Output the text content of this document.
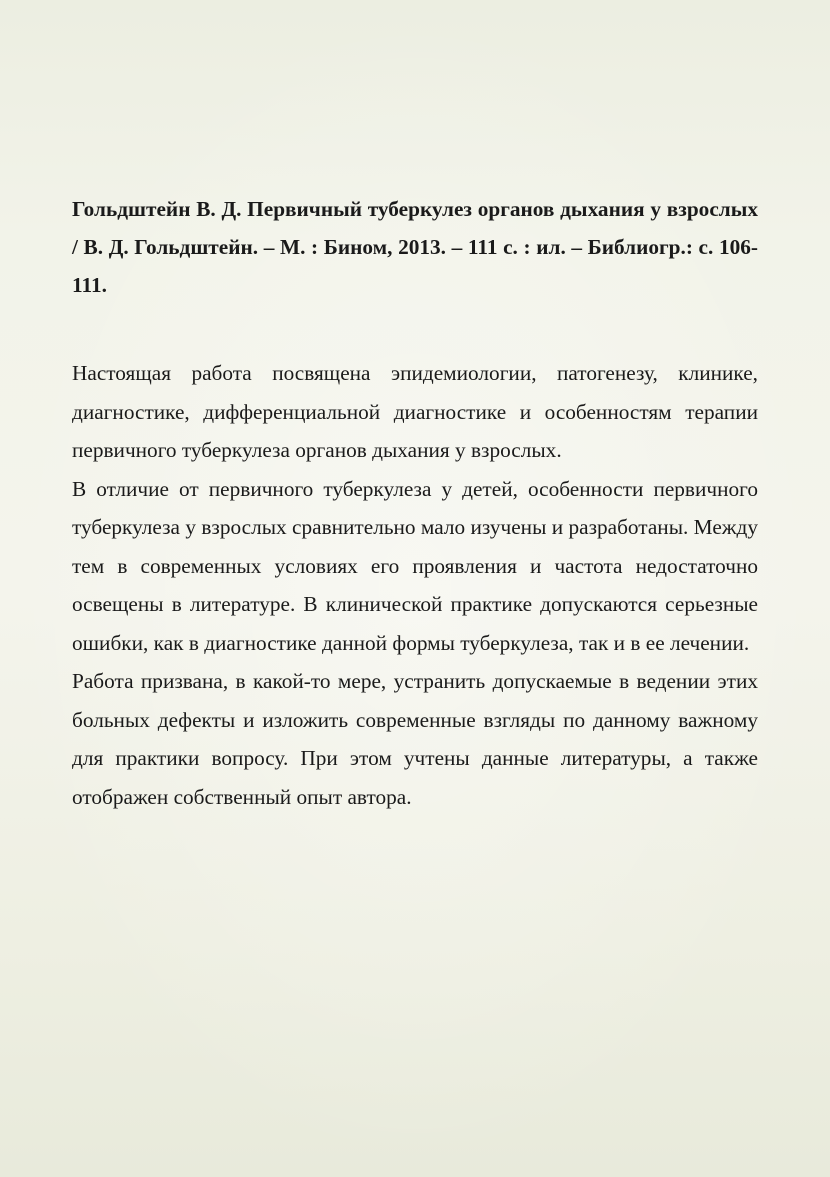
Гольдштейн В. Д. Первичный туберкулез органов дыхания у взрослых / В. Д. Гольдштейн. – М. : Бином, 2013. – 111 с. : ил. – Библиогр.: с. 106-111.

Настоящая работа посвящена эпидемиологии, патогенезу, клинике, диагностике, дифференциальной диагностике и особенностям терапии первичного туберкулеза органов дыхания у взрослых.

В отличие от первичного туберкулеза у детей, особенности первичного туберкулеза у взрослых сравнительно мало изучены и разработаны. Между тем в современных условиях его проявления и частота недостаточно освещены в литературе. В клинической практике допускаются серьезные ошибки, как в диагностике данной формы туберкулеза, так и в ее лечении.

Работа призвана, в какой-то мере, устранить допускаемые в ведении этих больных дефекты и изложить современные взгляды по данному важному для практики вопросу. При этом учтены данные литературы, а также отображен собственный опыт автора.
